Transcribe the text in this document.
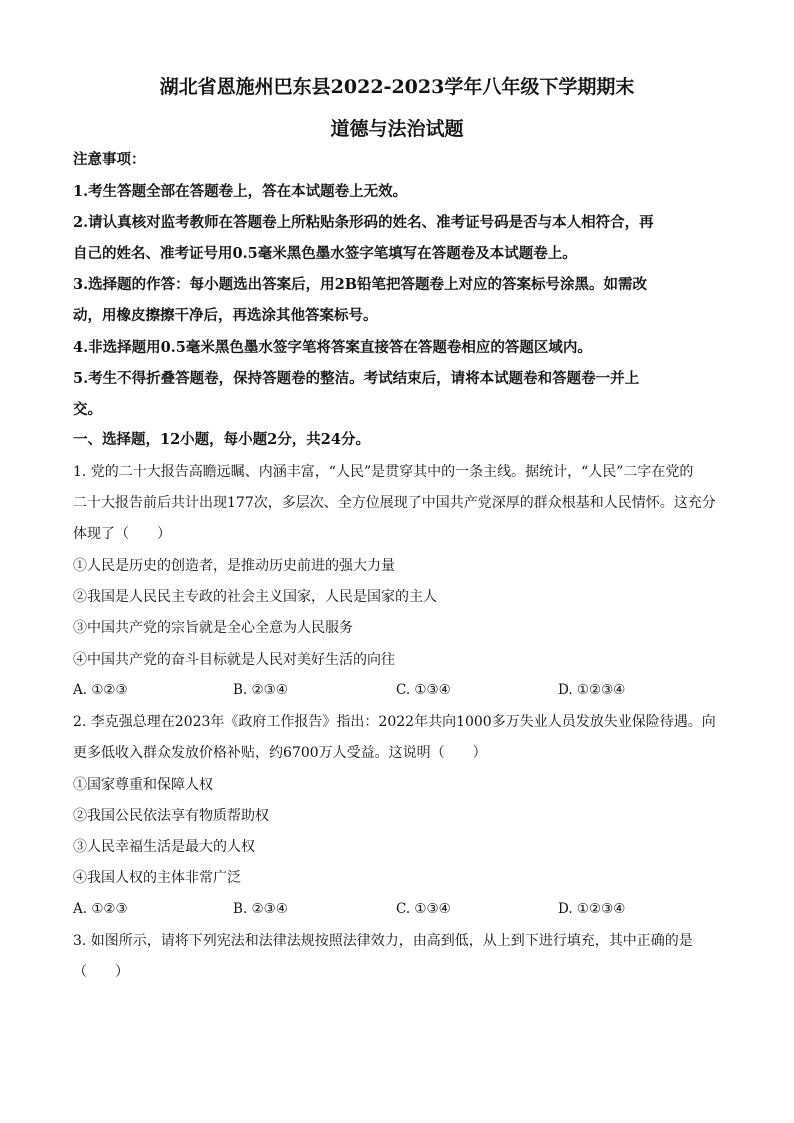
湖北省恩施州巴东县2022-2023学年八年级下学期期末
道德与法治试题
注意事项：
1.考生答题全部在答题卷上，答在本试题卷上无效。
2.请认真核对监考教师在答题卷上所粘贴条形码的姓名、准考证号码是否与本人相符合，再
自己的姓名、准考证号用0.5毫米黑色墨水签字笔填写在答题卷及本试题卷上。
3.选择题的作答：每小题选出答案后，用2B铅笔把答题卷上对应的答案标号涂黑。如需改
动，用橡皮擦擦干净后，再选涂其他答案标号。
4.非选择题用0.5毫米黑色墨水签字笔将答案直接答在答题卷相应的答题区域内。
5.考生不得折叠答题卷，保持答题卷的整洁。考试结束后，请将本试题卷和答题卷一并上
交。
一、选择题，12小题，每小题2分，共24分。
1. 党的二十大报告高瞻远瞩、内涵丰富，“人民”是贯穿其中的一条主线。据统计，“人民”二字在党的
二十大报告前后共计出现177次，多层次、全方位展现了中国共产党深厚的群众根基和人民情怀。这充分
体现了（　　）
①人民是历史的创造者，是推动历史前进的强大力量
②我国是人民民主专政的社会主义国家，人民是国家的主人
③中国共产党的宗旨就是全心全意为人民服务
④中国共产党的奋斗目标就是人民对美好生活的向往
A. ①②③	B. ②③④	C. ①③④	D. ①②③④
2. 李克强总理在2023年《政府工作报告》指出：2022年共向1000多万失业人员发放失业保险待遇。向
更多低收入群众发放价格补贴，约6700万人受益。这说明（　　）
①国家尊重和保障人权
②我国公民依法享有物质帮助权
③人民幸福生活是最大的人权
④我国人权的主体非常广泛
A. ①②③	B. ②③④	C. ①③④	D. ①②③④
3. 如图所示，请将下列宪法和法律法规按照法律效力，由高到低，从上到下进行填充，其中正确的是
（　　）
